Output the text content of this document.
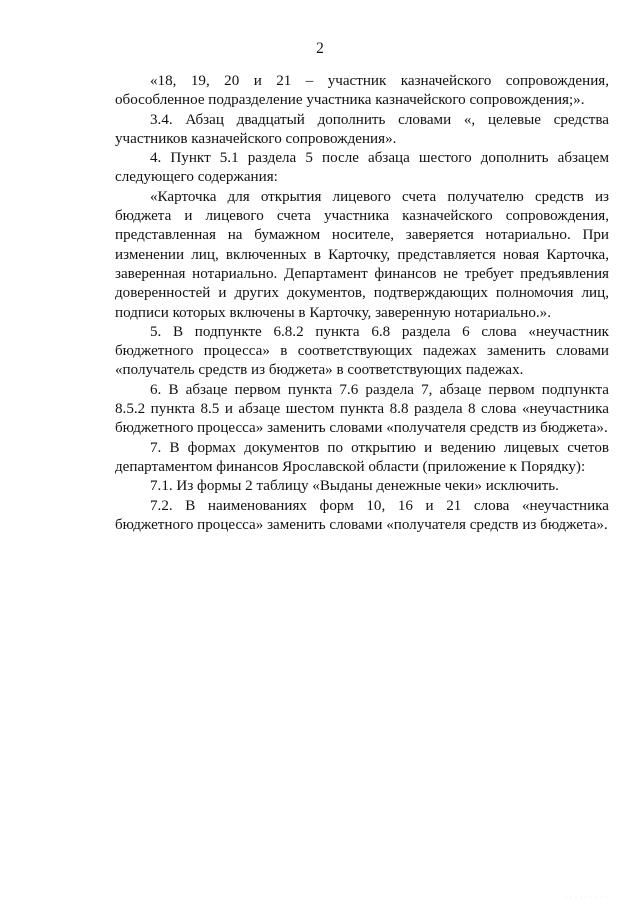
2

«18, 19, 20 и 21 – участник казначейского сопровождения, обособленное подразделение участника казначейского сопровождения;».

3.4. Абзац двадцатый дополнить словами «, целевые средства участников казначейского сопровождения».

4. Пункт 5.1 раздела 5 после абзаца шестого дополнить абзацем следующего содержания:

«Карточка для открытия лицевого счета получателю средств из бюджета и лицевого счета участника казначейского сопровождения, представленная на бумажном носителе, заверяется нотариально. При изменении лиц, включенных в Карточку, представляется новая Карточка, заверенная нотариально. Департамент финансов не требует предъявления доверенностей и других документов, подтверждающих полномочия лиц, подписи которых включены в Карточку, заверенную нотариально.».

5. В подпункте 6.8.2 пункта 6.8 раздела 6 слова «неучастник бюджетного процесса» в соответствующих падежах заменить словами «получатель средств из бюджета» в соответствующих падежах.

6. В абзаце первом пункта 7.6 раздела 7, абзаце первом подпункта 8.5.2 пункта 8.5 и абзаце шестом пункта 8.8 раздела 8 слова «неучастника бюджетного процесса» заменить словами «получателя средств из бюджета».

7. В формах документов по открытию и ведению лицевых счетов департаментом финансов Ярославской области (приложение к Порядку):

7.1. Из формы 2 таблицу «Выданы денежные чеки» исключить.

7.2. В наименованиях форм 10, 16 и 21 слова «неучастника бюджетного процесса» заменить словами «получателя средств из бюджета».

·········
